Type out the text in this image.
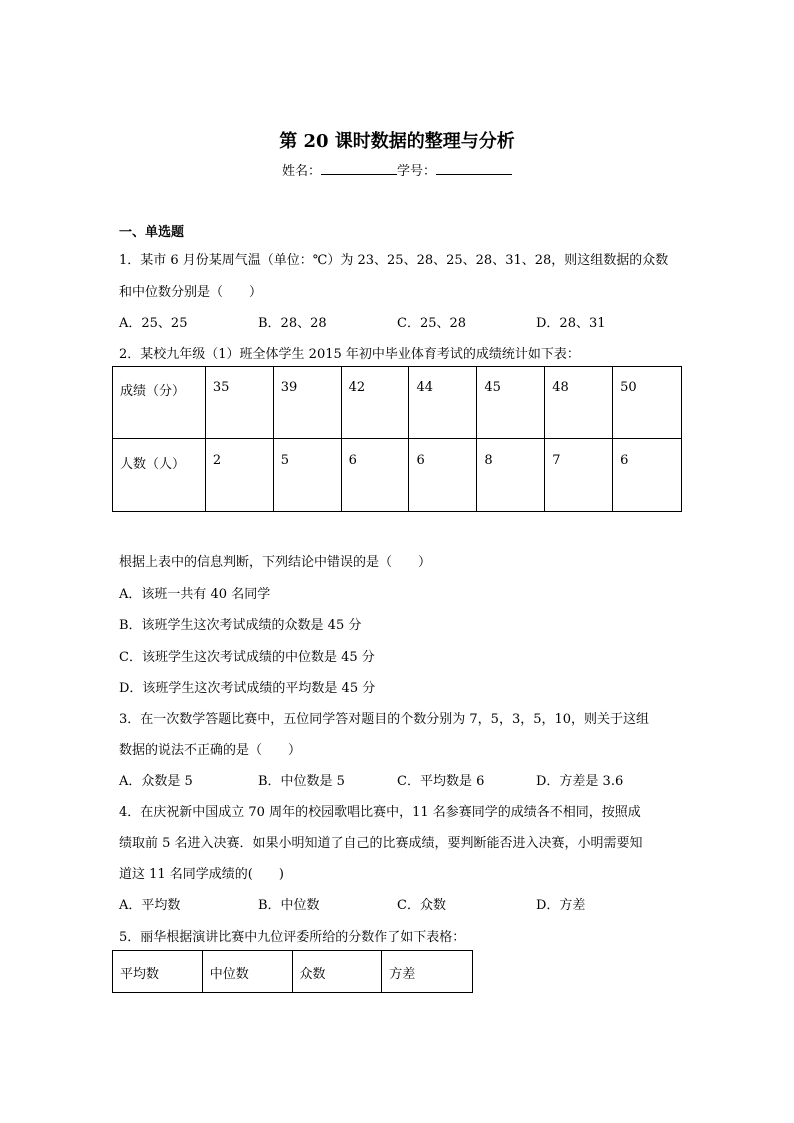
第 20 课时数据的整理与分析
姓名：	学号：
一、单选题
1．某市 6 月份某周气温（单位：℃）为 23、25、28、25、28、31、28，则这组数据的众数
和中位数分别是（　　）
A．25、25	B．28、28	C．25、28	D．28、31
2．某校九年级（1）班全体学生 2015 年初中毕业体育考试的成绩统计如下表：
成绩（分）	35	39	42	44	45	48	50
人数（人）	2	5	6	6	8	7	6
根据上表中的信息判断，下列结论中错误的是（　　）
A．该班一共有 40 名同学
B．该班学生这次考试成绩的众数是 45 分
C．该班学生这次考试成绩的中位数是 45 分
D．该班学生这次考试成绩的平均数是 45 分
3．在一次数学答题比赛中，五位同学答对题目的个数分别为 7，5，3，5，10，则关于这组
数据的说法不正确的是（　　）
A．众数是 5	B．中位数是 5	C．平均数是 6	D．方差是 3.6
4．在庆祝新中国成立 70 周年的校园歌唱比赛中，11 名参赛同学的成绩各不相同，按照成
绩取前 5 名进入决赛．如果小明知道了自己的比赛成绩，要判断能否进入决赛，小明需要知
道这 11 名同学成绩的(　　)
A．平均数	B．中位数	C．众数	D．方差
5．丽华根据演讲比赛中九位评委所给的分数作了如下表格：
平均数	中位数	众数	方差
